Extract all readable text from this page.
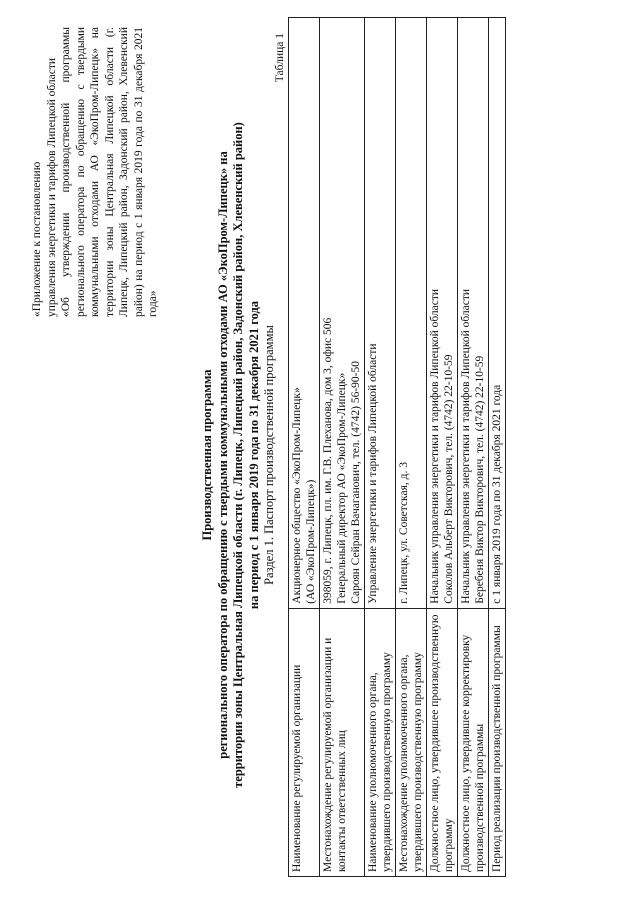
«Приложение к постановлению управления энергетики и тарифов Липецкой области «Об утверждении производственной программы регионального оператора по обращению с твердыми коммунальными отходами АО «ЭкоПром-Липецк» на территории зоны Центральная Липецкой области (г. Липецк, Липецкий район, Задонский район, Хлевенский район) на период с 1 января 2019 года по 31 декабря 2021 года»
Производственная программа регионального оператора по обращению с твердыми коммунальными отходами АО «ЭкоПром-Липецк» на территории зоны Центральная Липецкой области (г. Липецк, Липецкий район, Задонский район, Хлевенский район) на период с 1 января 2019 года по 31 декабря 2021 года Раздел 1. Паспорт производственной программы
Таблица 1
Наименование регулируемой организации	Акционерное общество «ЭкоПром-Липецк» (АО «ЭкоПром-Липецк»)

Местонахождение регулируемой организации и контакты ответственных лиц	398059, г. Липецк, пл. им. Г.В. Плеханова, дом 3, офис 506 Генеральный директор АО «ЭкоПром-Липецк» Сароян Сейран Вачаганович, тел. (4742) 56-90-50

Наименование уполномоченного органа, утвердившего производственную программу	Управление энергетики и тарифов Липецкой области

Местонахождение уполномоченного органа, утвердившего производственную программу	г. Липецк, ул. Советская, д. 3

Должностное лицо, утвердившее производственную программу	Начальник управления энергетики и тарифов Липецкой области Соколов Альберт Викторович, тел. (4742) 22-10-59

Должностное лицо, утвердившее корректировку производственной программы	Начальник управления энергетики и тарифов Липецкой области Беребеня Виктор Викторович, тел. (4742) 22-10-59

Период реализации производственной программы	с 1 января 2019 года по 31 декабря 2021 года
